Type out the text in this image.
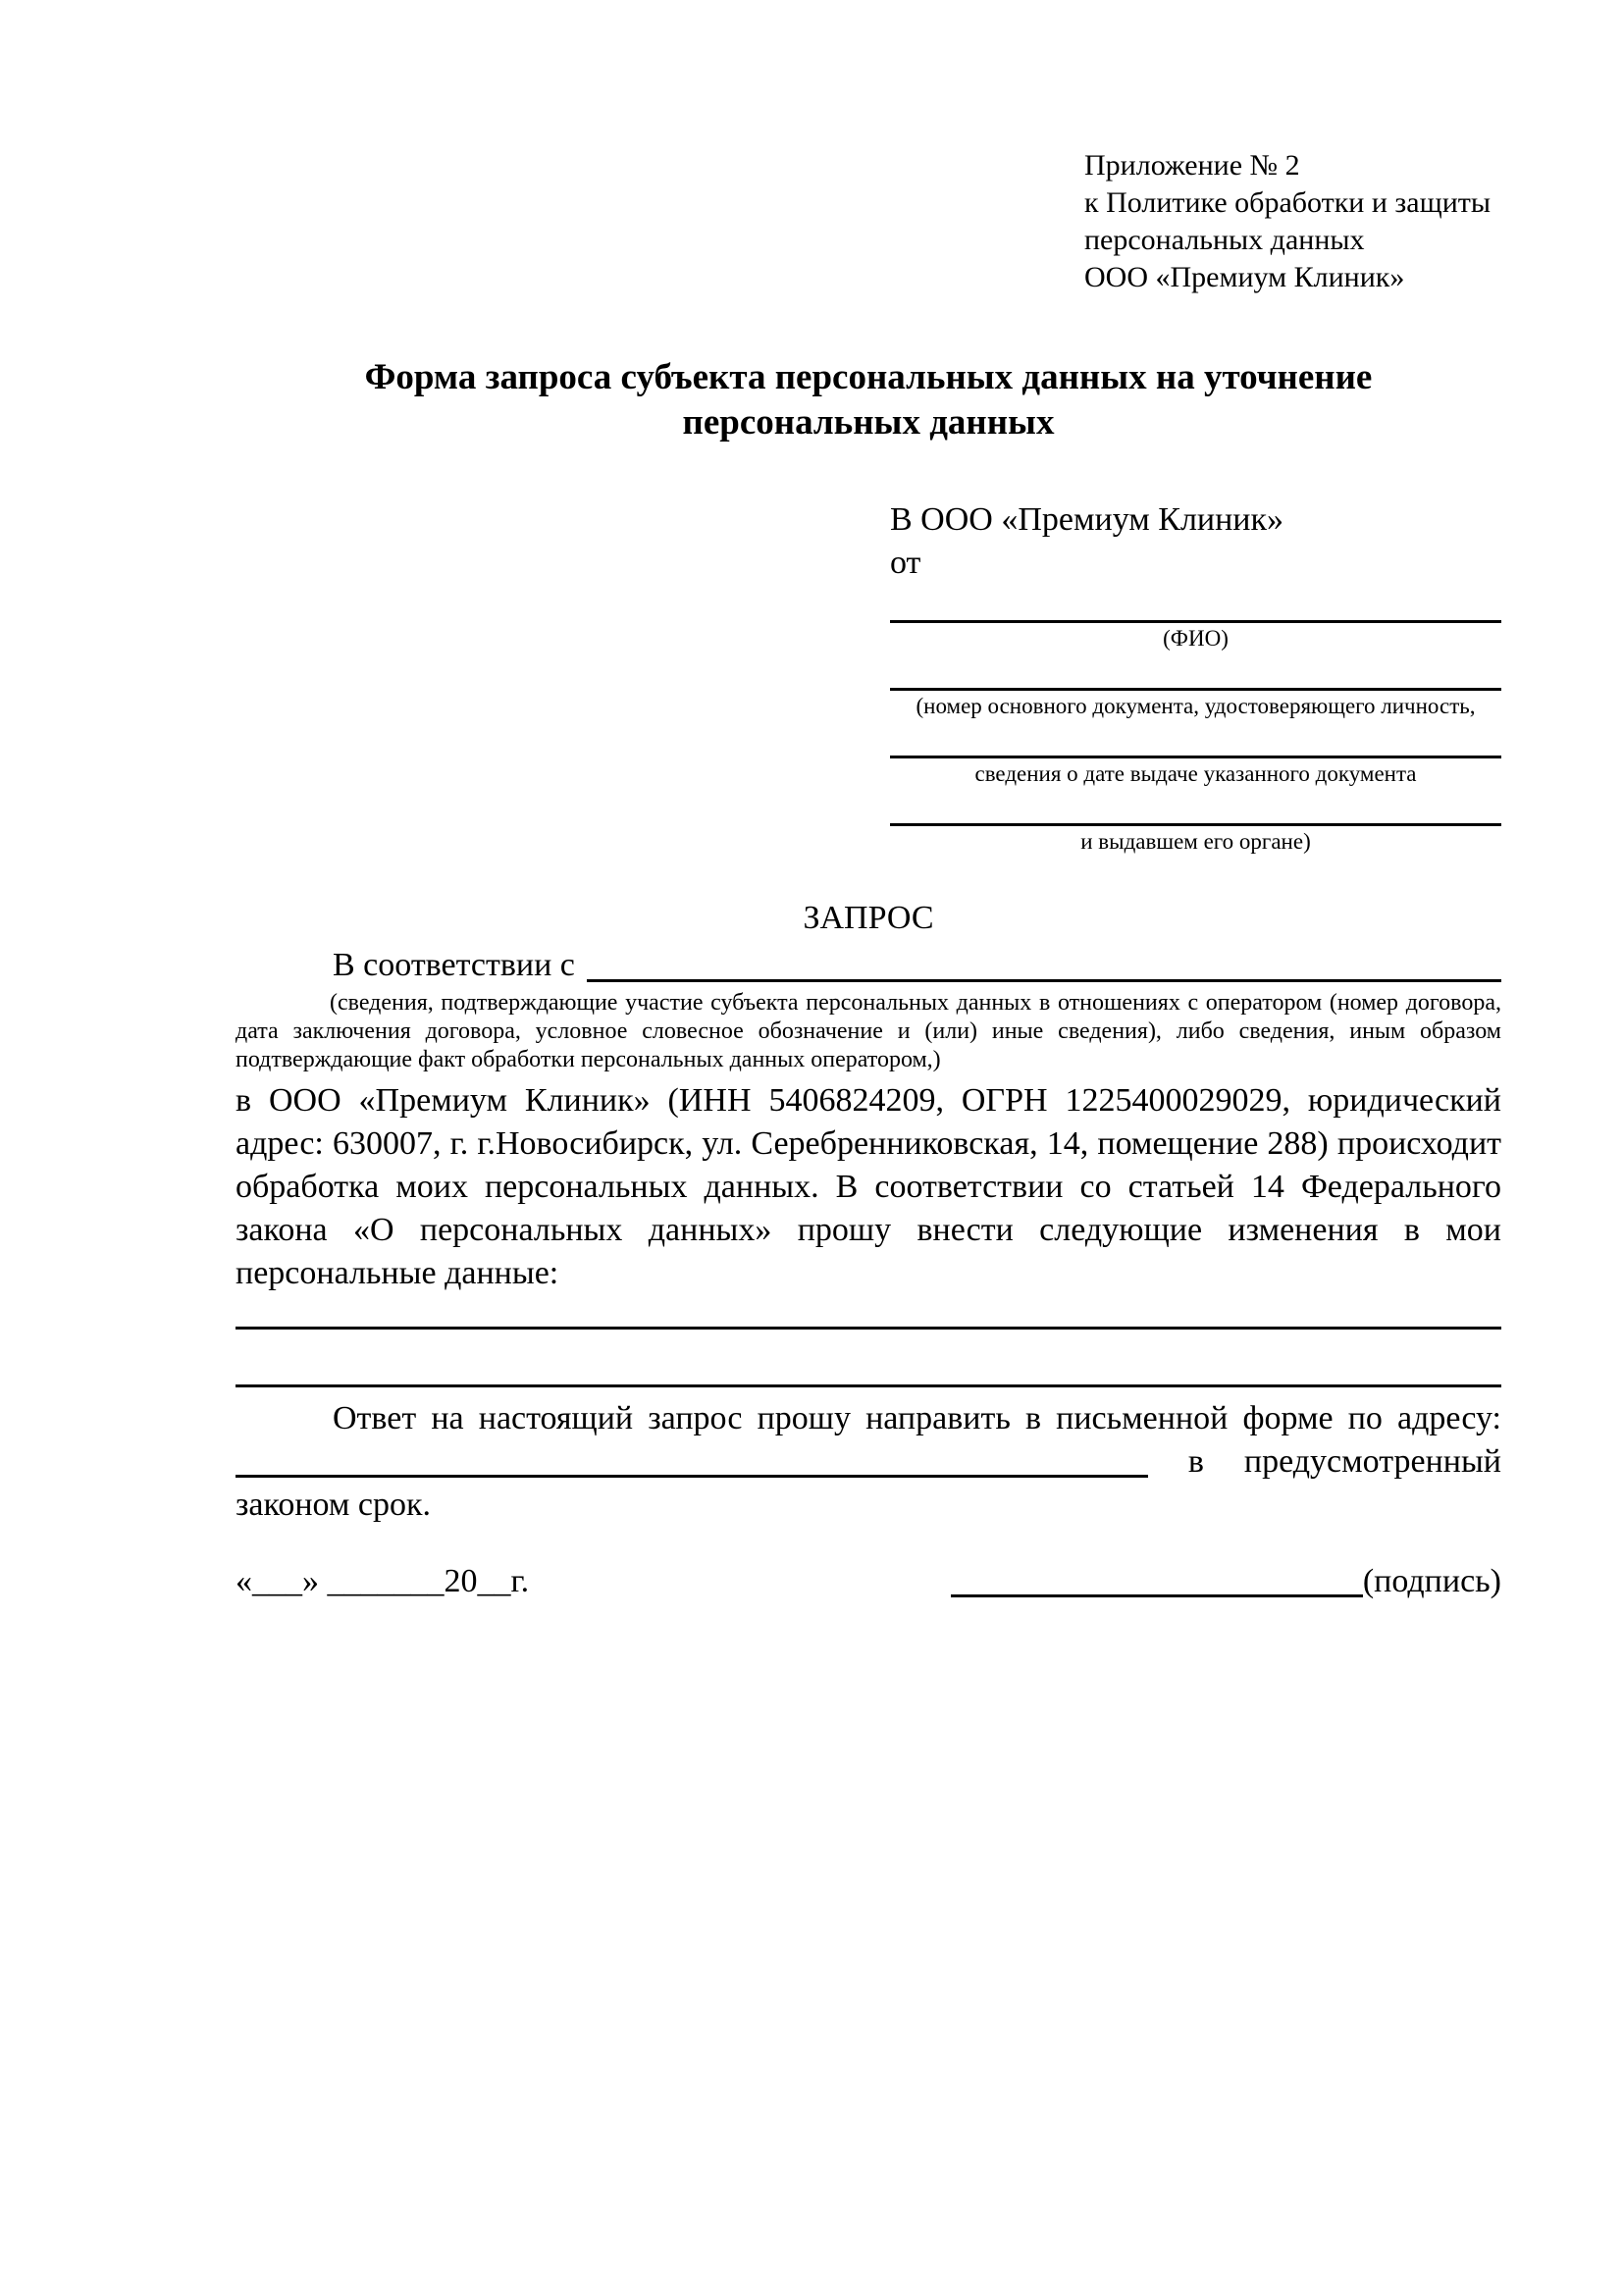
Приложение № 2
к Политике обработки и защиты
персональных данных
ООО «Премиум Клиник»
Форма запроса субъекта персональных данных на уточнение персональных данных
В ООО «Премиум Клиник»
от
(ФИО)
(номер основного документа, удостоверяющего личность,
сведения о дате выдаче указанного документа
и выдавшем его органе)
ЗАПРОС
В соответствии с
(сведения, подтверждающие участие субъекта персональных данных в отношениях с оператором (номер договора, дата заключения договора, условное словесное обозначение и (или) иные сведения), либо сведения, иным образом подтверждающие факт обработки персональных данных оператором,)
в ООО «Премиум Клиник» (ИНН 5406824209, ОГРН 1225400029029, юридический адрес: 630007, г. г.Новосибирск, ул. Серебренниковская, 14, помещение 288) происходит обработка моих персональных данных. В соответствии со статьей 14 Федерального закона «О персональных данных» прошу внести следующие изменения в мои персональные данные:
Ответ на настоящий запрос прошу направить в письменной форме по адресу:
в предусмотренный
законом срок.
«___» _______20__г.	(подпись)
